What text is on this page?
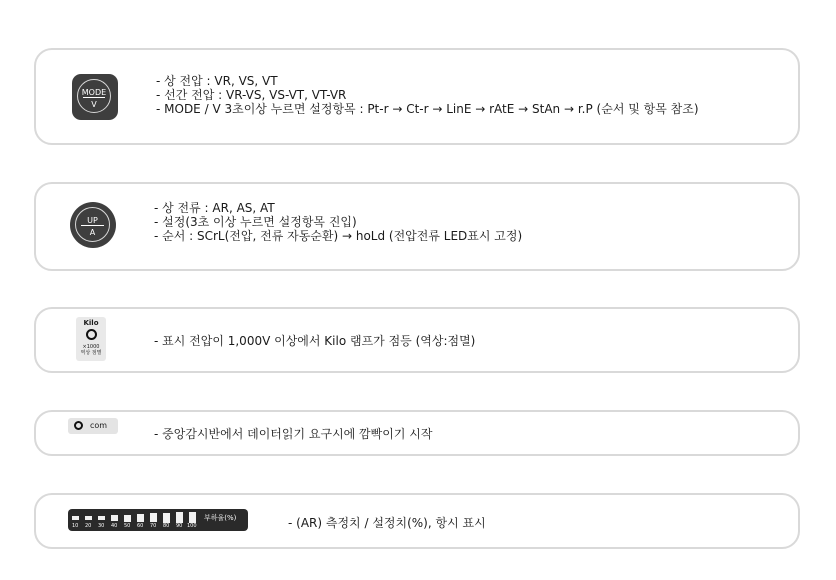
MODE
V
- 상 전압 : VR, VS, VT
- 선간 전압 : VR-VS, VS-VT, VT-VR
- MODE / V 3초이상 누르면 설정항목 : Pt-r → Ct-r → LinE → rAtE → StAn → r.P (순서 및 항목 참조)
UP
A
- 상 전류 : AR, AS, AT
- 설정(3초 이상 누르면 설정항목 진입)
- 순서 : SCrL(전압, 전류 자동순환) → hoLd (전압전류 LED표시 고정)
Kilo
×1000
역상 점멸
- 표시 전압이 1,000V 이상에서 Kilo 램프가 점등 (역상:점멸)
com
- 중앙감시반에서 데이터읽기 요구시에 깜빡이기 시작
10 20 30 40 50 60 70 80 90 100
부하율(%)	- (AR) 측정치 / 설정치(%), 항시 표시
